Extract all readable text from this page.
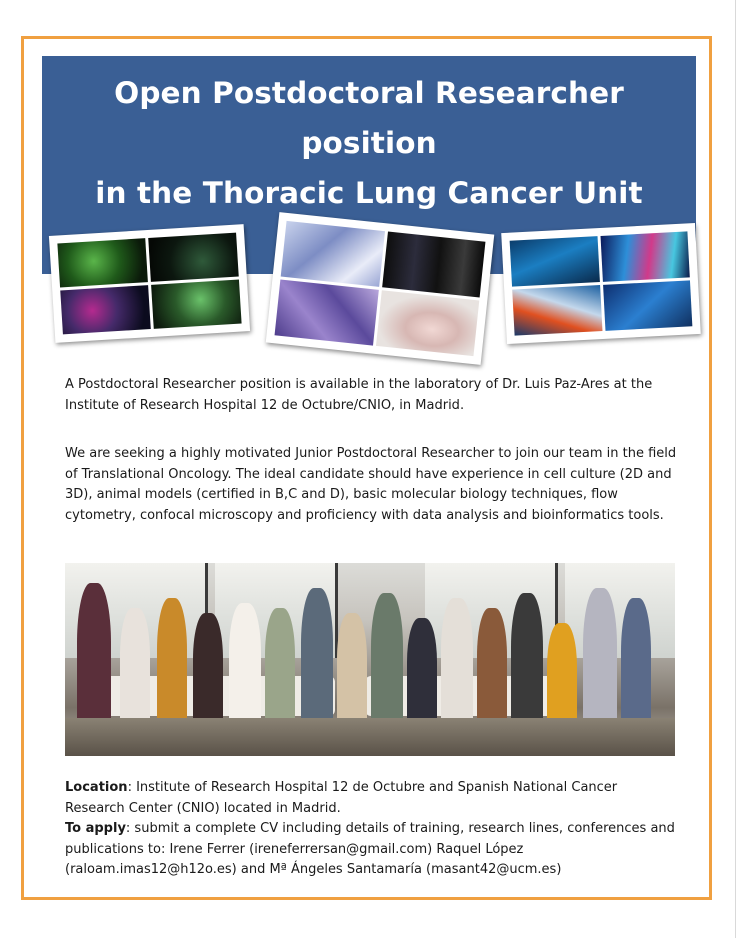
Open Postdoctoral Researcher position
in the Thoracic Lung Cancer Unit

A Postdoctoral Researcher position is available in the laboratory of Dr. Luis Paz-Ares at the Institute of Research Hospital 12 de Octubre/CNIO, in Madrid.

We are seeking a highly motivated Junior Postdoctoral Researcher to join our team in the field of Translational Oncology. The ideal candidate should have experience in cell culture (2D and 3D), animal models (certified in B,C and D), basic molecular biology techniques, flow cytometry, confocal microscopy and proficiency with data analysis and bioinformatics tools.

Location: Institute of Research Hospital 12 de Octubre and Spanish National Cancer Research Center (CNIO) located in Madrid.

To apply: submit a complete CV including details of training, research lines, conferences and publications to: Irene Ferrer (ireneferrersan@gmail.com) Raquel López (raloam.imas12@h12o.es) and Mª Ángeles Santamaría (masant42@ucm.es)
